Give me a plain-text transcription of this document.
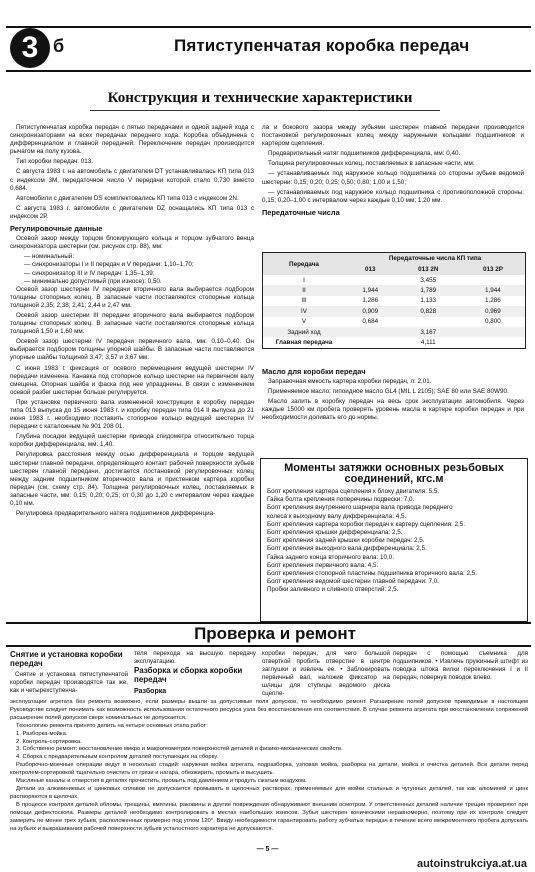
3 б	Пятиступенчатая коробка передач
Конструкция и технические характеристики

Пятиступенчатая коробка передач с пятью передачами и одной задней хода с синхронизаторами на всех передачах переднего хода. Коробка объединена с дифференциалом и главной передачей. Переключение передач производится рычагом на полу кузова.

Тип коробки передач: 013.

С августа 1983 г. на автомобиль с двигателем DT устанавливалась КП типа 013 с индексом 3М, передаточное число V передачи которой стало 0,730 вместо 0,684.

Автомобили с двигателем DS комплектовались КП типа 013 с индексом 2N.

С августа 1983 г. автомобили с двигателем DZ оснащались КП типа 013 с индексом 2Р.

Регулировочные данные

Осевой зазор между торцом блокирующего кольца и торцом зубчатого венца синхронизатора шестерни (см. рисунок стр. 88), мм:

— номинальный:

— синхронизаторы I и II передач и V передачи: 1,10–1,70;

— синхронизатор III и IV передач: 1,35–1,39;

— минимально допустимый (при износе): 0,50.

Осевой зазор шестерни IV передачи вторичного вала выбирается подбором толщины стопорных колец. В запасные части поставляются стопорные кольца толщиной 2,35; 2,38; 2,41; 2,44 и 2,47 мм.

Осевой зазор шестерни III передачи вторичного вала выбирается подбором толщины стопорных колец. В запасные части поставляются стопорные кольца толщиной 1,50 и 1,60 мм.

Осевой зазор шестерни IV передачи первичного вала, мм: 0,10–0,40. Он выбирается подбором толщины упорной шайбы. В запасные части поставляются упорные шайбы толщиной 3,47; 3,57 и 3,67 мм.

С июня 1983 г. фиксация от осевого перемещения ведущей шестерни IV передачи изменена. Канавка под стопорное кольцо шестерни на первичном валу смещена. Опорная шайба и фаска под нее упразднены. В связи с изменением осевой разбег шестерни больше регулируется.

При установке первичного вала измененной конструкции в коробку передач типа 013 выпуска до 15 июня 1983 г. и коробку передач типа 014 II выпуска до 21 июня 1983 г. необходимо поставить стопорное кольцо ведущей шестерни IV передачи с каталожным № 901 208 01.

Глубина посадки ведущей шестерни привода спидометра относительно торца коробки дифференциала, мм: 1,40.

Регулировка расстояния между осью дифференциала и торцом ведущей шестерни главной передачи, определяющего контакт рабочей поверхности зубьев шестерен главной передачи, достигается постановкой регулировочных колец между задним подшипником вторичного вала и пристенком картера коробки передач (см. схему стр. 84). Толщина регулировочных колец, поставляемых в запасные части, мм: 0,15; 0,20; 0,25; от 0,30 до 1,20 с интервалом через каждые 0,10 мм.

Регулировка предварительного натяга подшипников дифференциа-

ла и бокового зазора между зубьями шестерен главной передачи производится постановкой регулировочных колец между наружными кольцами подшипников и картером сцепления.

Предварительный натяг подшипников дифференциала, мм: 0,40.

Толщина регулировочных колец, поставляемых в запасные части, мм:

— устанавливаемых под наружное кольцо подшипника со стороны зубьев ведомой шестерни: 0,15; 0,20; 0,25; 0,50; 0,80; 1,00 и 1,50;

— устанавливаемых под наружное кольцо подшипника с противоположной стороны: 0,15; 0,20–1,00 с интервалом через каждые 0,10 мм; 1,20 мм.

Передаточные числа
Передача	Передаточные числа КП типа		
	013	013 2N	013 2P
I		3,455	
II	1,944	1,789	1,944
III	1,286	1,133	1,286
IV	0,909	0,828	0,969
V	0,684		0,800
Задний ход		3,167	
Главная передача		4,111	
Масло для коробки передач

Заправочная емкость картера коробки передач, л: 2,01.

Применяемое масло: гипоидное масло GL4 (MIL L 2105); SAE 80 или SAE 80W90.

Масло залить в коробку передач на весь срок эксплуатации автомобиля. Через каждые 15000 км пробега проверять уровень масла в картере коробки передач и при необходимости доливать его до нормы.

Моменты затяжки основных резьбовых соединений, кгс.м
Болт крепления картера сцепления к блоку двигателя: 5,5.
Гайка болта крепления поперечины подвески: 7,0.
Болт крепления внутреннего шарнира вала привода переднего
колеса к выходному валу дифференциала: 4,5.
Болт крепления картера коробки передач к картеру сцепления: 2,5.
Болт крепления крышки дифференциала: 2,5.
Болт крепления задней крышки коробки передач: 2,5.
Болт крепления выходного вала дифференциала: 2,5.
Гайка заднего конца вторичного вала: 10,0.
Болт крепления первичного вала: 4,5.
Болт крепления стопорной пластины подшипника вторичного вала: 2,5.
Болт крепления ведомой шестерни главной передачи: 7,0.
Пробки заливного и сливного отверстий: 2,5.
Проверка и ремонт
Снятие и установка коробки передач

Снятие и установка пятиступенчатой коробки передач производятся так же, как и четырехступенча-

теля перехода на высшую передачу эксплуатацию.

Разборка и сборка коробки передач
Разборка

коробки передач, для чего большой отверткой пробить отверстие в центре заглушки и извлечь ее. • Заблокировать первичный вал, наложив фиксатор на шлицы для ступицы ведомого диска сцепле-

передач с помощью съемника для подшипников. • Извлечь пружинный штифт из поводка штока вилки переключения I и II передач, повернув поводок влево.

эксплуатации агрегата без ремонта возможно, если размеры вышли за допустимые поля допусков, то необходимо ремонт. Расширение полей допусков приводимые в настоящем Руководстве следует понимать как возможность использования остаточного ресурса узла без восстановления его соответствия. В случае ремонта агрегата при восстановлении сопряжений расширение полей допусков сверх номинальных не допускается.

Технологию ремонта принято делить на четыре основных этапа работ:

1. Разборка-мойка.

2. Контроль-сортировка.

3. Собственно ремонт: восстановление микро и макрогеометрии поверхностей деталей и физико-механических свойств.

4. Сборка с предварительным контролем деталей поступающих на сборку.

Разборочно-моечные операции ведут в несколько стадий: наружная мойка агрегата, подразборка, узловая мойка, разборка на детали, мойка и очистка деталей. Все детали перед контролем-сортировкой тщательно очистить от грязи и нагара, обезжирить, промыть и высушить.

Масляные каналы и отверстия в деталях прочистить, промыть под давлением и продуть сжатым воздухом.

Детали из алюминиевых и цинковых сплавов не допускается промывать в щелочных растворах, применяемых для мойки стальных и чугунных деталей, так как алюминий и цинк растворяются в щелочах.

В процессе контроля деталей обломы, трещины, вмятины, раковины и другие повреждения обнаруживают внешним осмотром. У ответственных деталей наличие трещин проверяют при помощи дефектоскопа. Размеры деталей необходимо контролировать в местах наибольших износов. Зубья шестерен коническими неравномерно, поэтому при их контроле следует замерить не менее трех зубьев, расположенных примерно под углом 120°. Ввиду необходимости гарантировать работу зубчатых передач в течение всего межремонтного пробега допускать на зубьях и выкрашивания рабочей поверхности зубьев усталостного характера не допускаются.

— 5 —
autoinstrukciya.at.ua
